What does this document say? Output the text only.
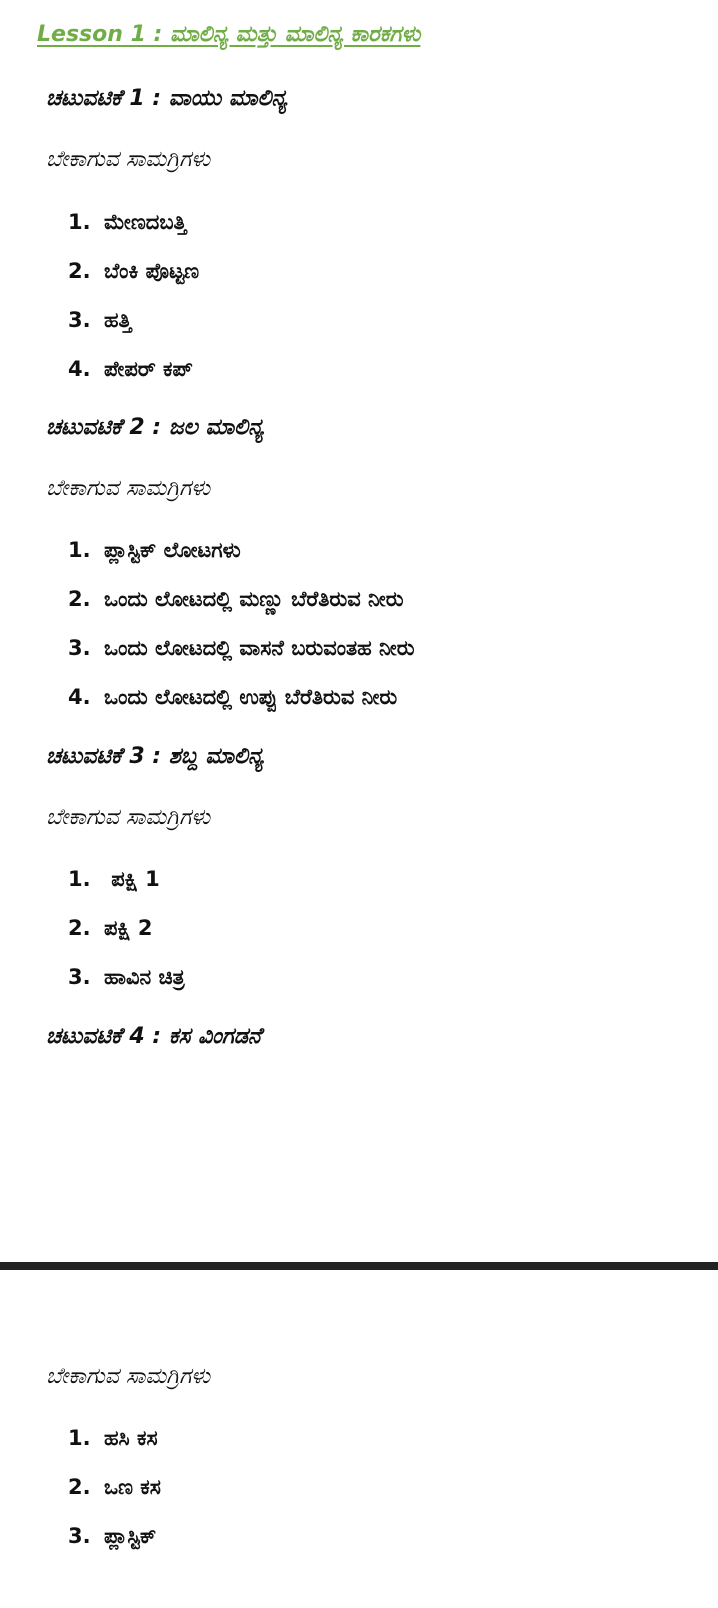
Lesson 1 : ಮಾಲಿನ್ಯ ಮತ್ತು ಮಾಲಿನ್ಯ ಕಾರಕಗಳು
ಚಟುವಟಿಕೆ 1 : ವಾಯು ಮಾಲಿನ್ಯ

ಬೇಕಾಗುವ ಸಾಮಗ್ರಿಗಳು

1. ಮೇಣದಬತ್ತಿ
2. ಬೆಂಕಿ ಪೊಟ್ಟಣ
3. ಹತ್ತಿ
4. ಪೇಪರ್ ಕಪ್
ಚಟುವಟಿಕೆ 2 : ಜಲ ಮಾಲಿನ್ಯ

ಬೇಕಾಗುವ ಸಾಮಗ್ರಿಗಳು

1. ಪ್ಲಾಸ್ಟಿಕ್ ಲೋಟಗಳು
2. ಒಂದು ಲೋಟದಲ್ಲಿ ಮಣ್ಣು ಬೆರೆತಿರುವ ನೀರು
3. ಒಂದು ಲೋಟದಲ್ಲಿ ವಾಸನೆ ಬರುವಂತಹ ನೀರು
4. ಒಂದು ಲೋಟದಲ್ಲಿ ಉಪ್ಪು ಬೆರೆತಿರುವ ನೀರು
ಚಟುವಟಿಕೆ 3 : ಶಬ್ದ ಮಾಲಿನ್ಯ

ಬೇಕಾಗುವ ಸಾಮಗ್ರಿಗಳು

1. ಪಕ್ಷಿ 1
2. ಪಕ್ಷಿ 2
3. ಹಾವಿನ ಚಿತ್ರ
ಚಟುವಟಿಕೆ 4 : ಕಸ ವಿಂಗಡನೆ

ಬೇಕಾಗುವ ಸಾಮಗ್ರಿಗಳು

1. ಹಸಿ ಕಸ
2. ಒಣ ಕಸ
3. ಪ್ಲಾಸ್ಟಿಕ್
